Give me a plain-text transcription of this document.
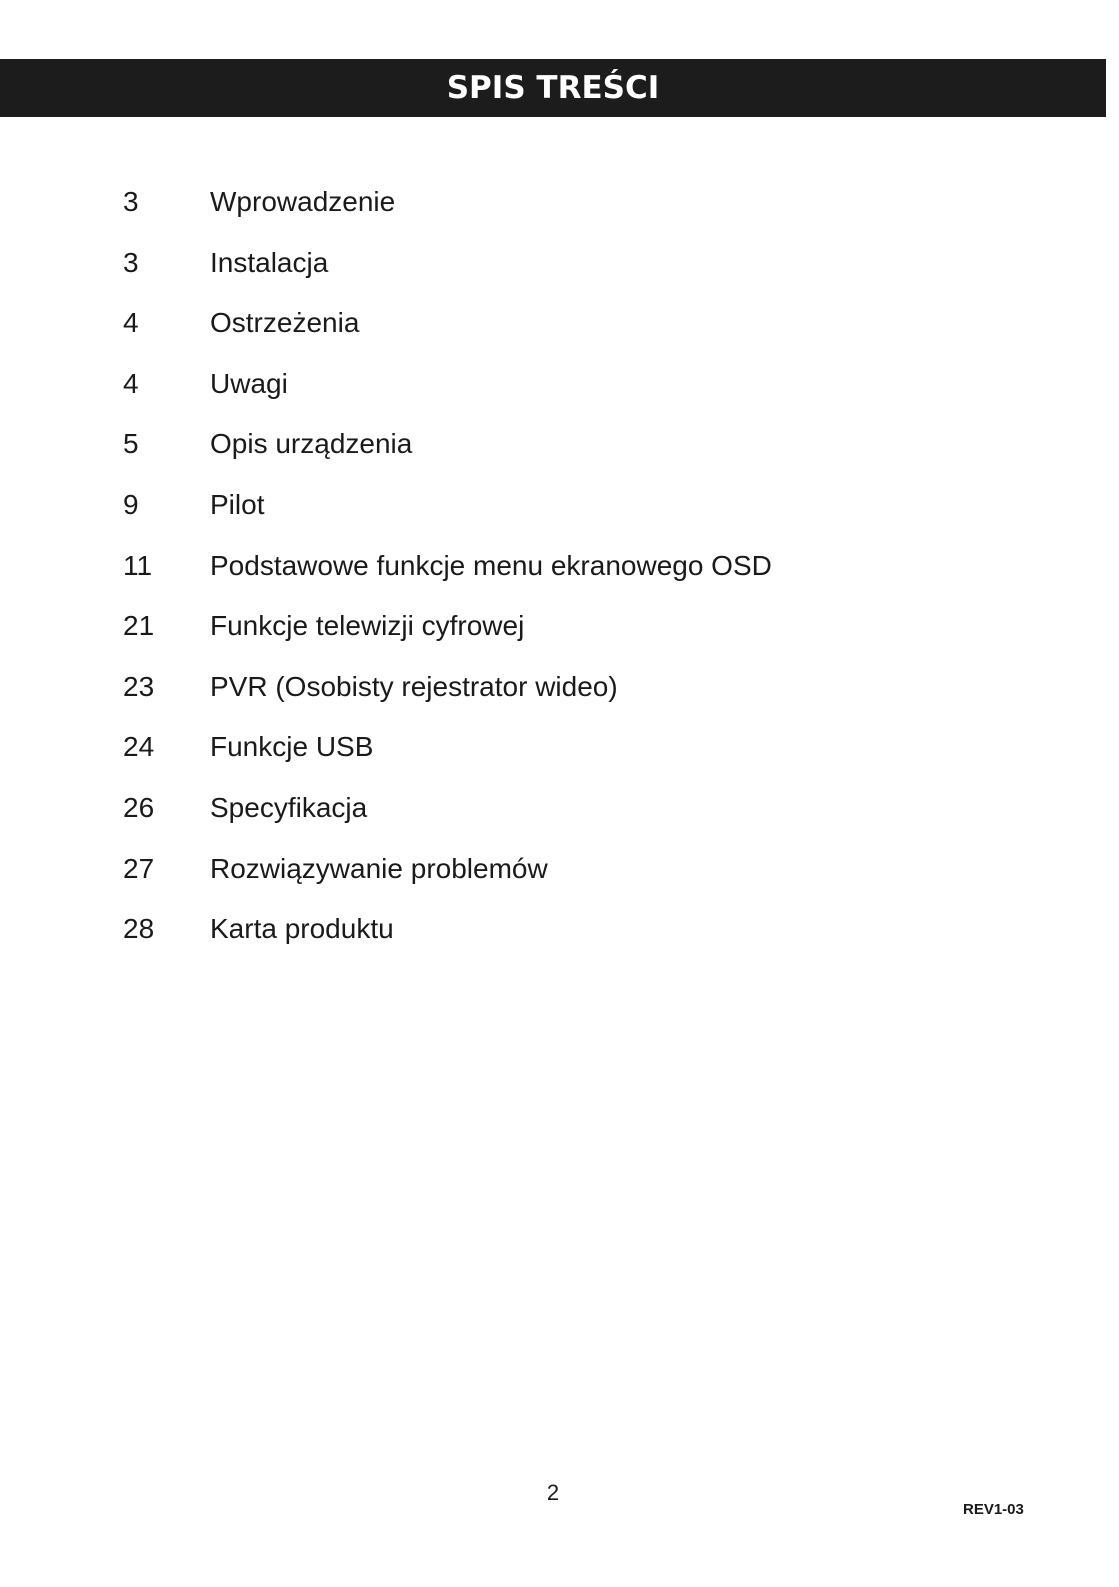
SPIS TREŚCI
3	Wprowadzenie
3	Instalacja
4	Ostrzeżenia
4	Uwagi
5	Opis urządzenia
9	Pilot
11 Podstawowe funkcje menu ekranowego OSD
21 Funkcje telewizji cyfrowej
23 PVR (Osobisty rejestrator wideo)
24 Funkcje USB
26 Specyfikacja
27 Rozwiązywanie problemów
28 Karta produktu
2
REV1-03
